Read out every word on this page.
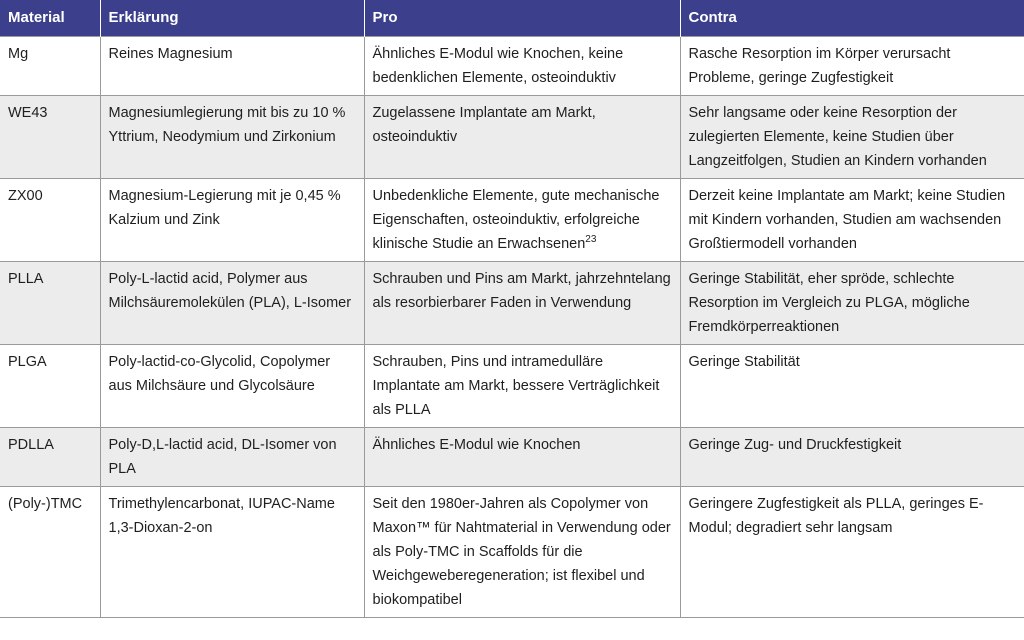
Material	Erklärung	Pro	Contra
Mg	Reines Magnesium	Ähnliches E-Modul wie Knochen, keine bedenklichen Elemente, osteoinduktiv	Rasche Resorption im Körper verursacht Probleme, geringe Zugfestigkeit
WE43	Magnesiumlegierung mit bis zu 10 % Yttrium, Neodymium und Zirkonium	Zugelassene Implantate am Markt, osteoinduktiv	Sehr langsame oder keine Resorption der zulegierten Elemente, keine Studien über Langzeitfolgen, Studien an Kindern vorhanden
ZX00	Magnesium-Legierung mit je 0,45 % Kalzium und Zink	Unbedenkliche Elemente, gute mechanische Eigenschaften, osteoinduktiv, erfolgreiche klinische Studie an Erwachsenen$^{23}$	Derzeit keine Implantate am Markt; keine Studien mit Kindern vorhanden, Studien am wachsenden Großtiermodell vorhanden
PLLA	Poly-L-lactid acid, Polymer aus Milchsäuremolekülen (PLA), L-Isomer	Schrauben und Pins am Markt, jahrzehntelang als resorbierbarer Faden in Verwendung	Geringe Stabilität, eher spröde, schlechte Resorption im Vergleich zu PLGA, mögliche Fremdkörperreaktionen
PLGA	Poly-lactid-co-Glycolid, Copolymer aus Milchsäure und Glycolsäure	Schrauben, Pins und intramedulläre Implantate am Markt, bessere Verträglichkeit als PLLA	Geringe Stabilität
PDLLA	Poly-D,L-lactid acid, DL-Isomer von PLA	Ähnliches E-Modul wie Knochen	Geringe Zug- und Druckfestigkeit
(Poly-)TMC	Trimethylencarbonat, IUPAC-Name 1,3-Dioxan-2-on	Seit den 1980er-Jahren als Copolymer von Maxon™ für Nahtmaterial in Verwendung oder als Poly-TMC in Scaffolds für die Weichgeweberegeneration; ist flexibel und biokompatibel	Geringere Zugfestigkeit als PLLA, geringes E-Modul; degradiert sehr langsam
